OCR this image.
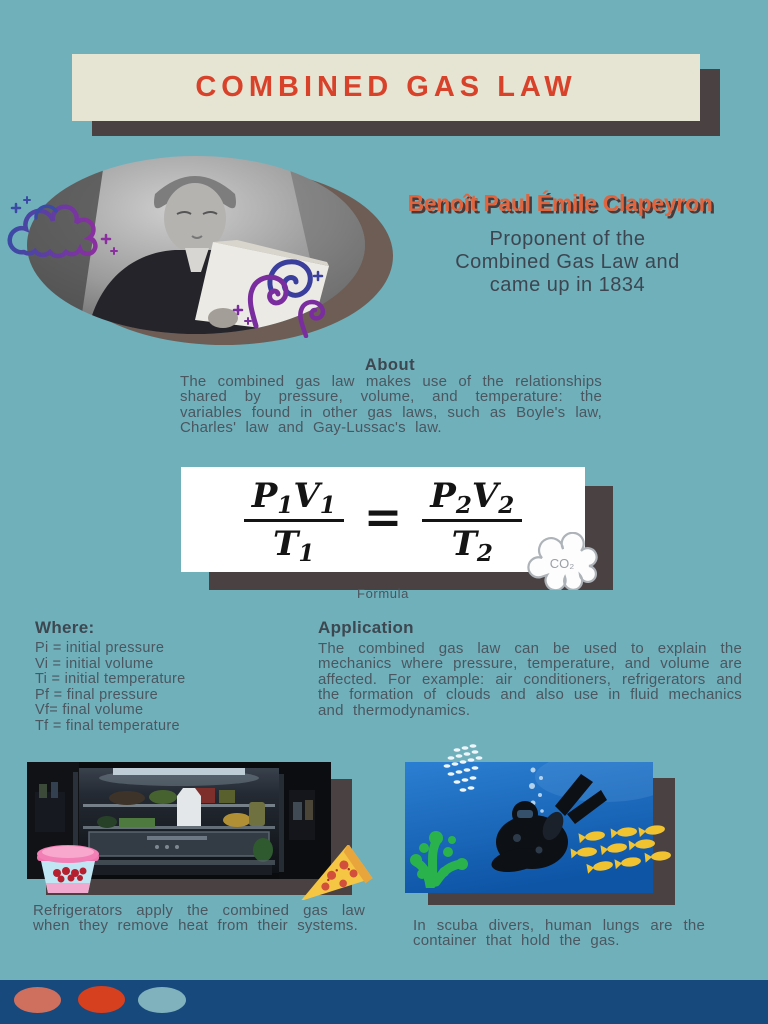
COMBINED GAS LAW
Benoît Paul Émile Clapeyron
Proponent of the
Combined Gas Law and
came up in 1834
About

The combined gas law makes use of the relationships shared by pressure, volume, and temperature: the variables found in other gas laws, such as Boyle's law, Charles' law and Gay-Lussac's law.

$\frac{P_1V_1}{T_1} = \frac{P_2V_2}{T_2} CO_2$
Formula
Where:
Pi = initial pressure
Vi = initial volume
Ti = initial temperature
Pf = final pressure
Vf= final volume
Tf = final temperature
Application

The combined gas law can be used to explain the mechanics where pressure, temperature, and volume are affected. For example: air conditioners, refrigerators and the formation of clouds and also use in fluid mechanics and thermodynamics.

Refrigerators apply the combined gas law when they remove heat from their systems.	In scuba divers, human lungs are the container that hold the gas.
